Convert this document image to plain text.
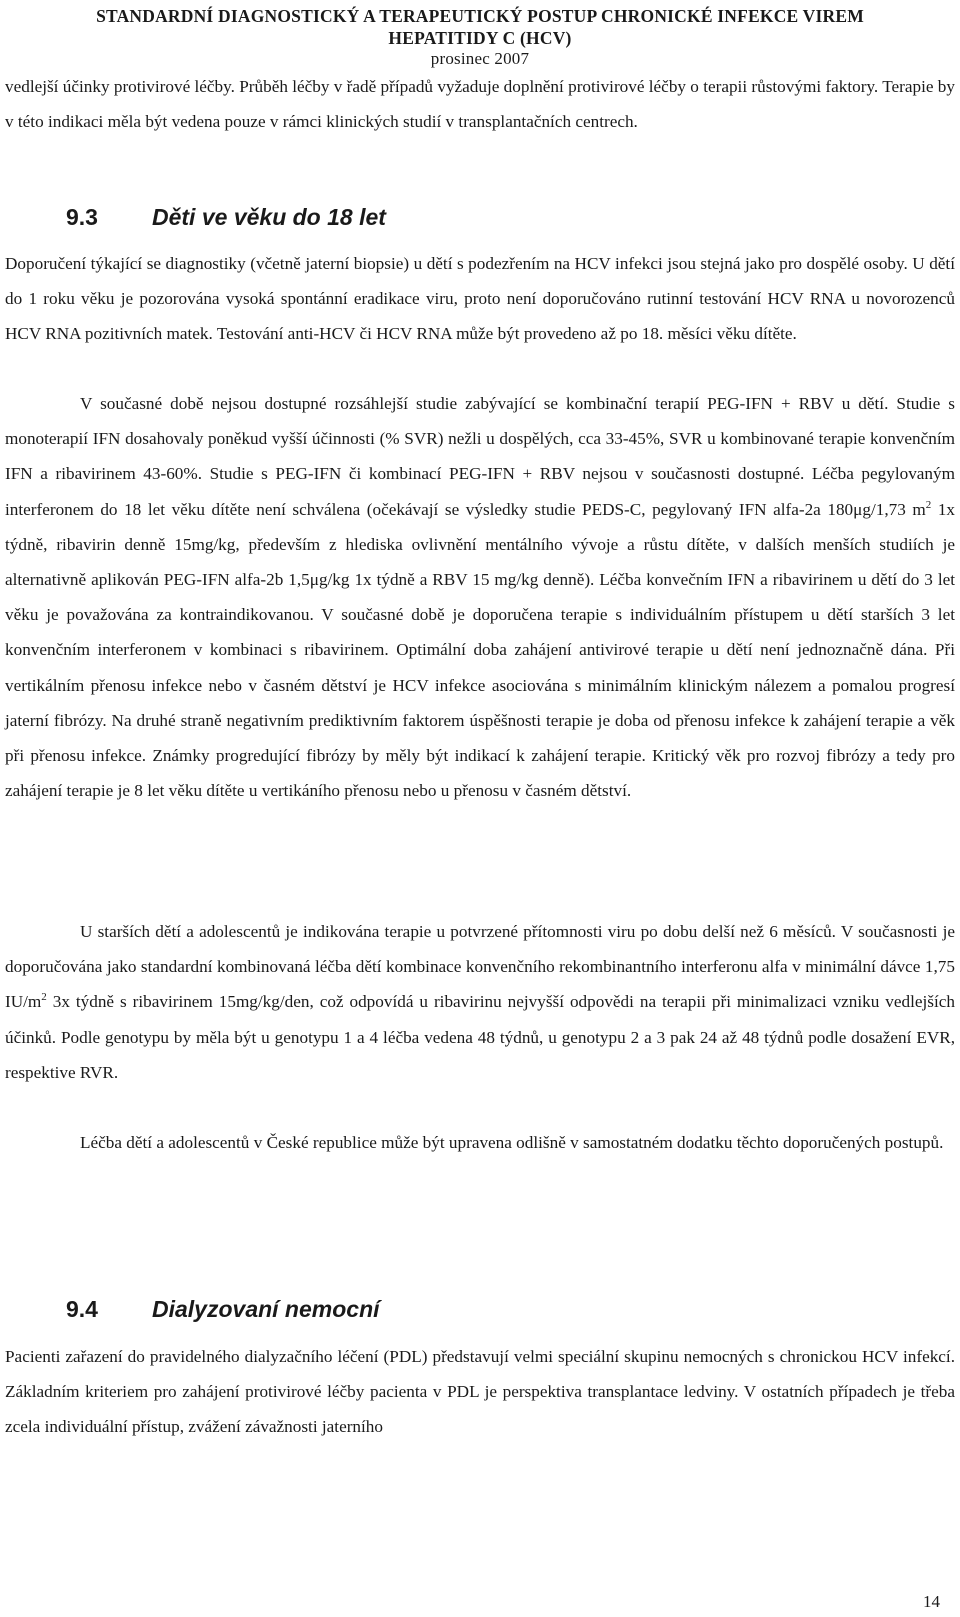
STANDARDNÍ DIAGNOSTICKÝ A TERAPEUTICKÝ POSTUP CHRONICKÉ INFEKCE VIREM
HEPATITIDY C (HCV)
prosinec 2007

vedlejší účinky protivirové léčby. Průběh léčby v řadě případů vyžaduje doplnění protivirové léčby o terapii růstovými faktory. Terapie by v této indikaci měla být vedena pouze v rámci klinických studií v transplantačních centrech.

9.3 Děti ve věku do 18 let

Doporučení týkající se diagnostiky (včetně jaterní biopsie) u dětí s podezřením na HCV infekci jsou stejná jako pro dospělé osoby. U dětí do 1 roku věku je pozorována vysoká spontánní eradikace viru, proto není doporučováno rutinní testování HCV RNA u novorozenců HCV RNA pozitivních matek. Testování anti-HCV či HCV RNA může být provedeno až po 18. měsíci věku dítěte.

V současné době nejsou dostupné rozsáhlejší studie zabývající se kombinační terapií PEG-IFN + RBV u dětí. Studie s monoterapií IFN dosahovaly poněkud vyšší účinnosti (% SVR) nežli u dospělých, cca 33-45%, SVR u kombinované terapie konvenčním IFN a ribavirinem 43-60%. Studie s PEG-IFN či kombinací PEG-IFN + RBV nejsou v současnosti dostupné. Léčba pegylovaným interferonem do 18 let věku dítěte není schválena (očekávají se výsledky studie PEDS-C, pegylovaný IFN alfa-2a 180μg/1,73 $m^2$ 1x týdně, ribavirin denně 15mg/kg, především z hlediska ovlivnění mentálního vývoje a růstu dítěte, v dalších menších studiích je alternativně aplikován PEG-IFN alfa-2b 1,5μg/kg 1x týdně a RBV 15 mg/kg denně). Léčba konvečním IFN a ribavirinem u dětí do 3 let věku je považována za kontraindikovanou. V současné době je doporučena terapie s individuálním přístupem u dětí starších 3 let konvenčním interferonem v kombinaci s ribavirinem. Optimální doba zahájení antivirové terapie u dětí není jednoznačně dána. Při vertikálním přenosu infekce nebo v časném dětství je HCV infekce asociována s minimálním klinickým nálezem a pomalou progresí jaterní fibrózy. Na druhé straně negativním prediktivním faktorem úspěšnosti terapie je doba od přenosu infekce k zahájení terapie a věk při přenosu infekce. Známky progredující fibrózy by měly být indikací k zahájení terapie. Kritický věk pro rozvoj fibrózy a tedy pro zahájení terapie je 8 let věku dítěte u vertikáního přenosu nebo u přenosu v časném dětství.

U starších dětí a adolescentů je indikována terapie u potvrzené přítomnosti viru po dobu delší než 6 měsíců. V současnosti je doporučována jako standardní kombinovaná léčba dětí kombinace konvenčního rekombinantního interferonu alfa v minimální dávce 1,75 $IU/m^2$ 3x týdně s ribavirinem 15mg/kg/den, což odpovídá u ribavirinu nejvyšší odpovědi na terapii při minimalizaci vzniku vedlejších účinků. Podle genotypu by měla být u genotypu 1 a 4 léčba vedena 48 týdnů, u genotypu 2 a 3 pak 24 až 48 týdnů podle dosažení EVR, respektive RVR.

Léčba dětí a adolescentů v České republice může být upravena odlišně v samostatném dodatku těchto doporučených postupů.

9.4 Dialyzovaní nemocní

Pacienti zařazení do pravidelného dialyzačního léčení (PDL) představují velmi speciální skupinu nemocných s chronickou HCV infekcí. Základním kriteriem pro zahájení protivirové léčby pacienta v PDL je perspektiva transplantace ledviny. V ostatních případech je třeba zcela individuální přístup, zvážení závažnosti jaterního

14
